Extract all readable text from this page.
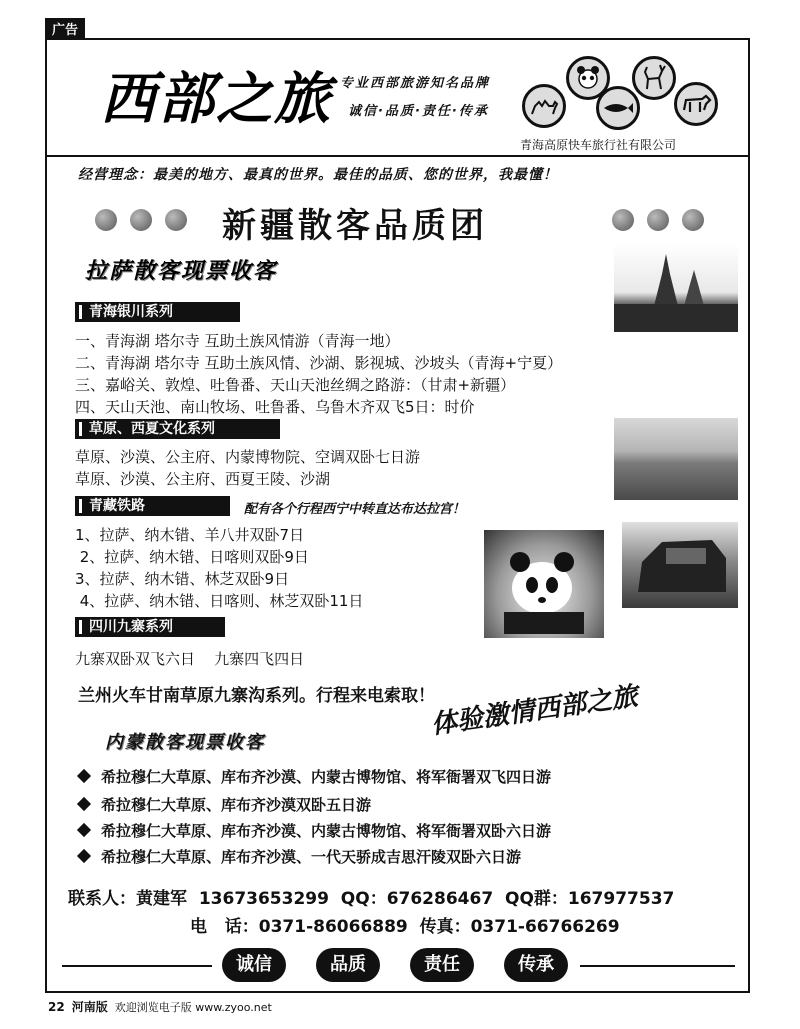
广告
西部之旅 专业西部旅游知名品牌
诚信·品质·责任·传承
青海高原快车旅行社有限公司
经营理念：最美的地方、最真的世界。最佳的品质、您的世界，我最懂！
新疆散客品质团
拉萨散客现票收客
青海银川系列
一、青海湖 塔尔寺 互助土族风情游（青海一地）
二、青海湖 塔尔寺 互助土族风情、沙湖、影视城、沙坡头（青海+宁夏）
三、嘉峪关、敦煌、吐鲁番、天山天池丝绸之路游：（甘肃+新疆）
四、天山天池、南山牧场、吐鲁番、乌鲁木齐双飞5日：时价
草原、西夏文化系列
草原、沙漠、公主府、内蒙博物院、空调双卧七日游
草原、沙漠、公主府、西夏王陵、沙湖
青藏铁路	配有各个行程西宁中转直达布达拉宫！
1、拉萨、纳木错、羊八井双卧7日
2、拉萨、纳木错、日喀则双卧9日
3、拉萨、纳木错、林芝双卧9日
4、拉萨、纳木错、日喀则、林芝双卧11日
四川九寨系列
九寨双卧双飞六日    九寨四飞四日
兰州火车甘南草原九寨沟系列。行程来电索取！
体验激情西部之旅
内蒙散客现票收客
希拉穆仁大草原、库布齐沙漠、内蒙古博物馆、将军衙署双飞四日游
希拉穆仁大草原、库布齐沙漠双卧五日游
希拉穆仁大草原、库布齐沙漠、内蒙古博物馆、将军衙署双卧六日游
希拉穆仁大草原、库布齐沙漠、一代天骄成吉思汗陵双卧六日游
联系人：黄建军  13673653299  QQ：676286467  QQ群：167977537
电   话：0371-86066889  传真：0371-66766269
诚信	品质	责任	传承
22 河南版 欢迎浏览电子版 www.zyoo.net
